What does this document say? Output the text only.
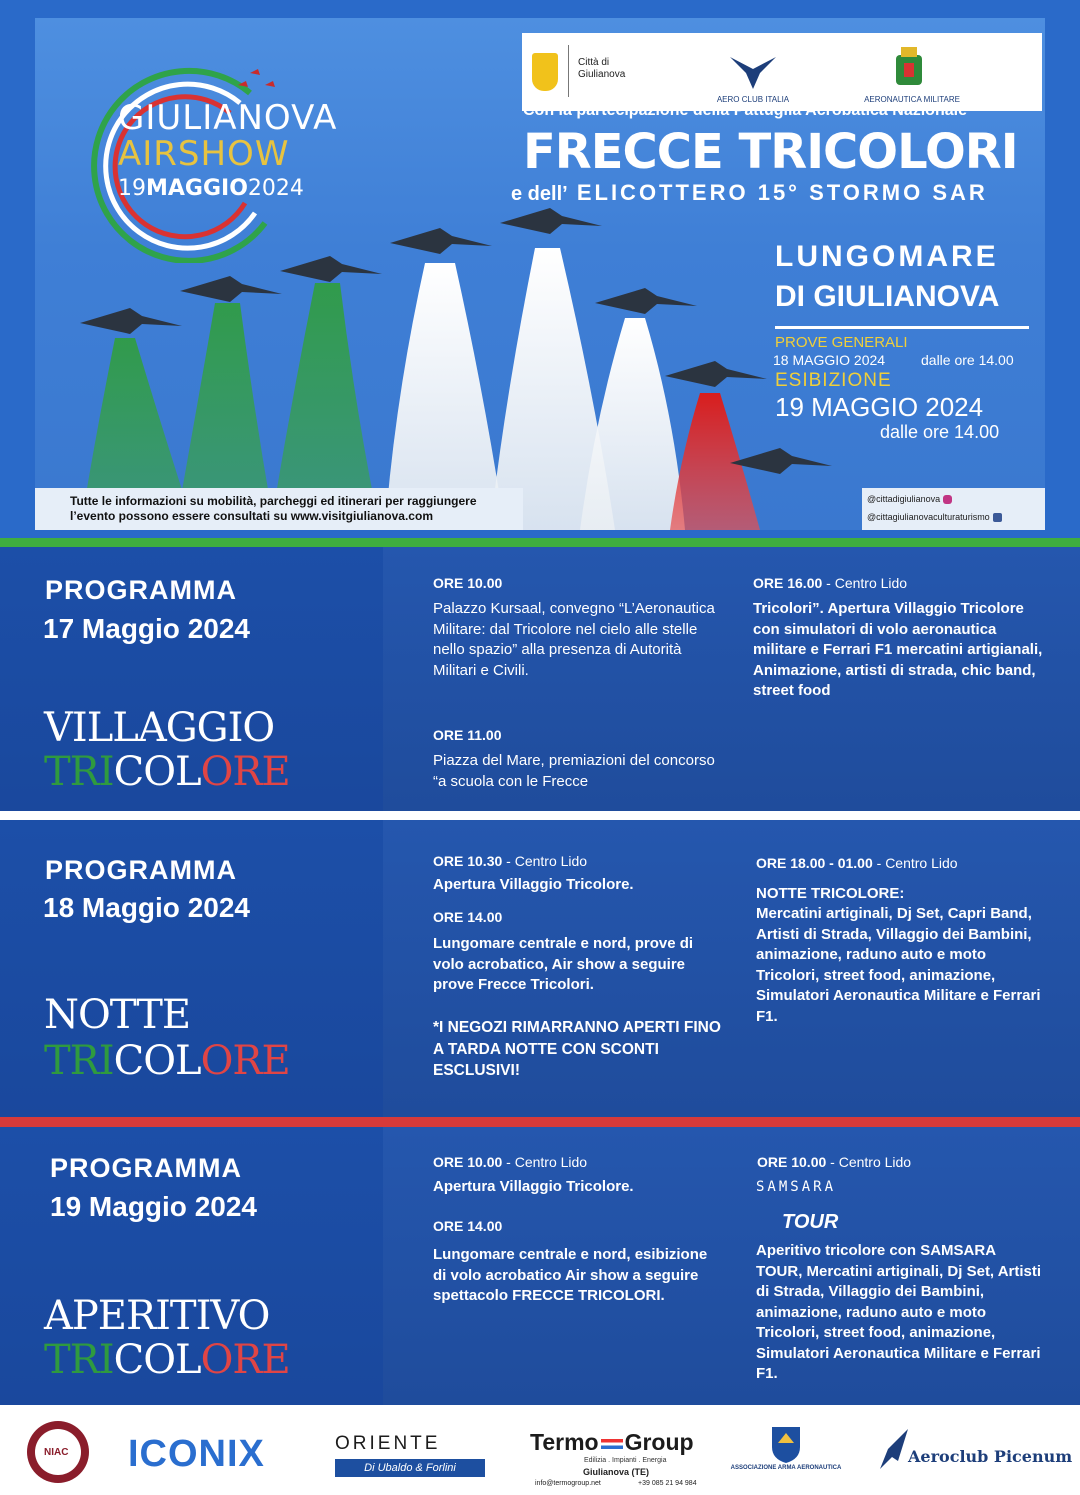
GIULIANOVA
AIRSHOW
19MAGGIO2024
Città di Giulianova
AERO CLUB ITALIA	AERONAUTICA MILITARE
Con la partecipazione della Pattuglia Acrobatica Nazionale
FRECCE TRICOLORI
e dell’ ELICOTTERO 15° STORMO SAR
LUNGOMARE
DI GIULIANOVA
PROVE GENERALI
18 MAGGIO 2024	dalle ore 14.00
ESIBIZIONE
19 MAGGIO 2024
dalle ore 14.00
Tutte le informazioni su mobilità, parcheggi ed itinerari per raggiungere l’evento possono essere consultati su www.visitgiulianova.com
@cittadigiulianova
@cittagiulianovaculturaturismo
PROGRAMMA
17 Maggio 2024
VILLAGGIO
TRICOLORE
ORE 10.00
Palazzo Kursaal, convegno “L’Aeronautica Militare: dal Tricolore nel cielo alle stelle nello spazio” alla presenza di Autorità Militari e Civili.
ORE 11.00
Piazza del Mare, premiazioni del concorso “a scuola con le Frecce
ORE 16.00 - Centro Lido
Tricolori”. Apertura Villaggio Tricolore con simulatori di volo aeronautica militare e Ferrari F1 mercatini artigianali, Animazione, artisti di strada, chic band, street food
PROGRAMMA
18 Maggio 2024
NOTTE
TRICOLORE
ORE 10.30 - Centro Lido
Apertura Villaggio Tricolore.
ORE 14.00
Lungomare centrale e nord, prove di volo acrobatico, Air show a seguire prove Frecce Tricolori.
*I NEGOZI RIMARRANNO APERTI FINO A TARDA NOTTE CON SCONTI ESCLUSIVI!
ORE 18.00 - 01.00 - Centro Lido
NOTTE TRICOLORE:
Mercatini artiginali, Dj Set, Capri Band, Artisti di Strada, Villaggio dei Bambini, animazione, raduno auto e moto Tricolori, street food, animazione, Simulatori Aeronautica Militare e Ferrari F1.
PROGRAMMA
19 Maggio 2024
APERITIVO
TRICOLORE
ORE 10.00 - Centro Lido
Apertura Villaggio Tricolore.
ORE 14.00
Lungomare centrale e nord, esibizione di volo acrobatico Air show a seguire spettacolo FRECCE TRICOLORI.
ORE 10.00 - Centro Lido
SAMSARA
TOUR
Aperitivo tricolore con SAMSARA TOUR, Mercatini artiginali, Dj Set, Artisti di Strada, Villaggio dei Bambini, animazione, raduno auto e moto Tricolori, street food, animazione, Simulatori Aeronautica Militare e Ferrari F1.
NIAC ICONIX	ORIENTE
Di Ubaldo & Forlini
Termo Group
Edilizia . Impianti . Energia
Giulianova (TE)
info@termogroup.net	+39 085 21 94 984
ASSOCIAZIONE ARMA AERONAUTICA
Aeroclub Picenum
